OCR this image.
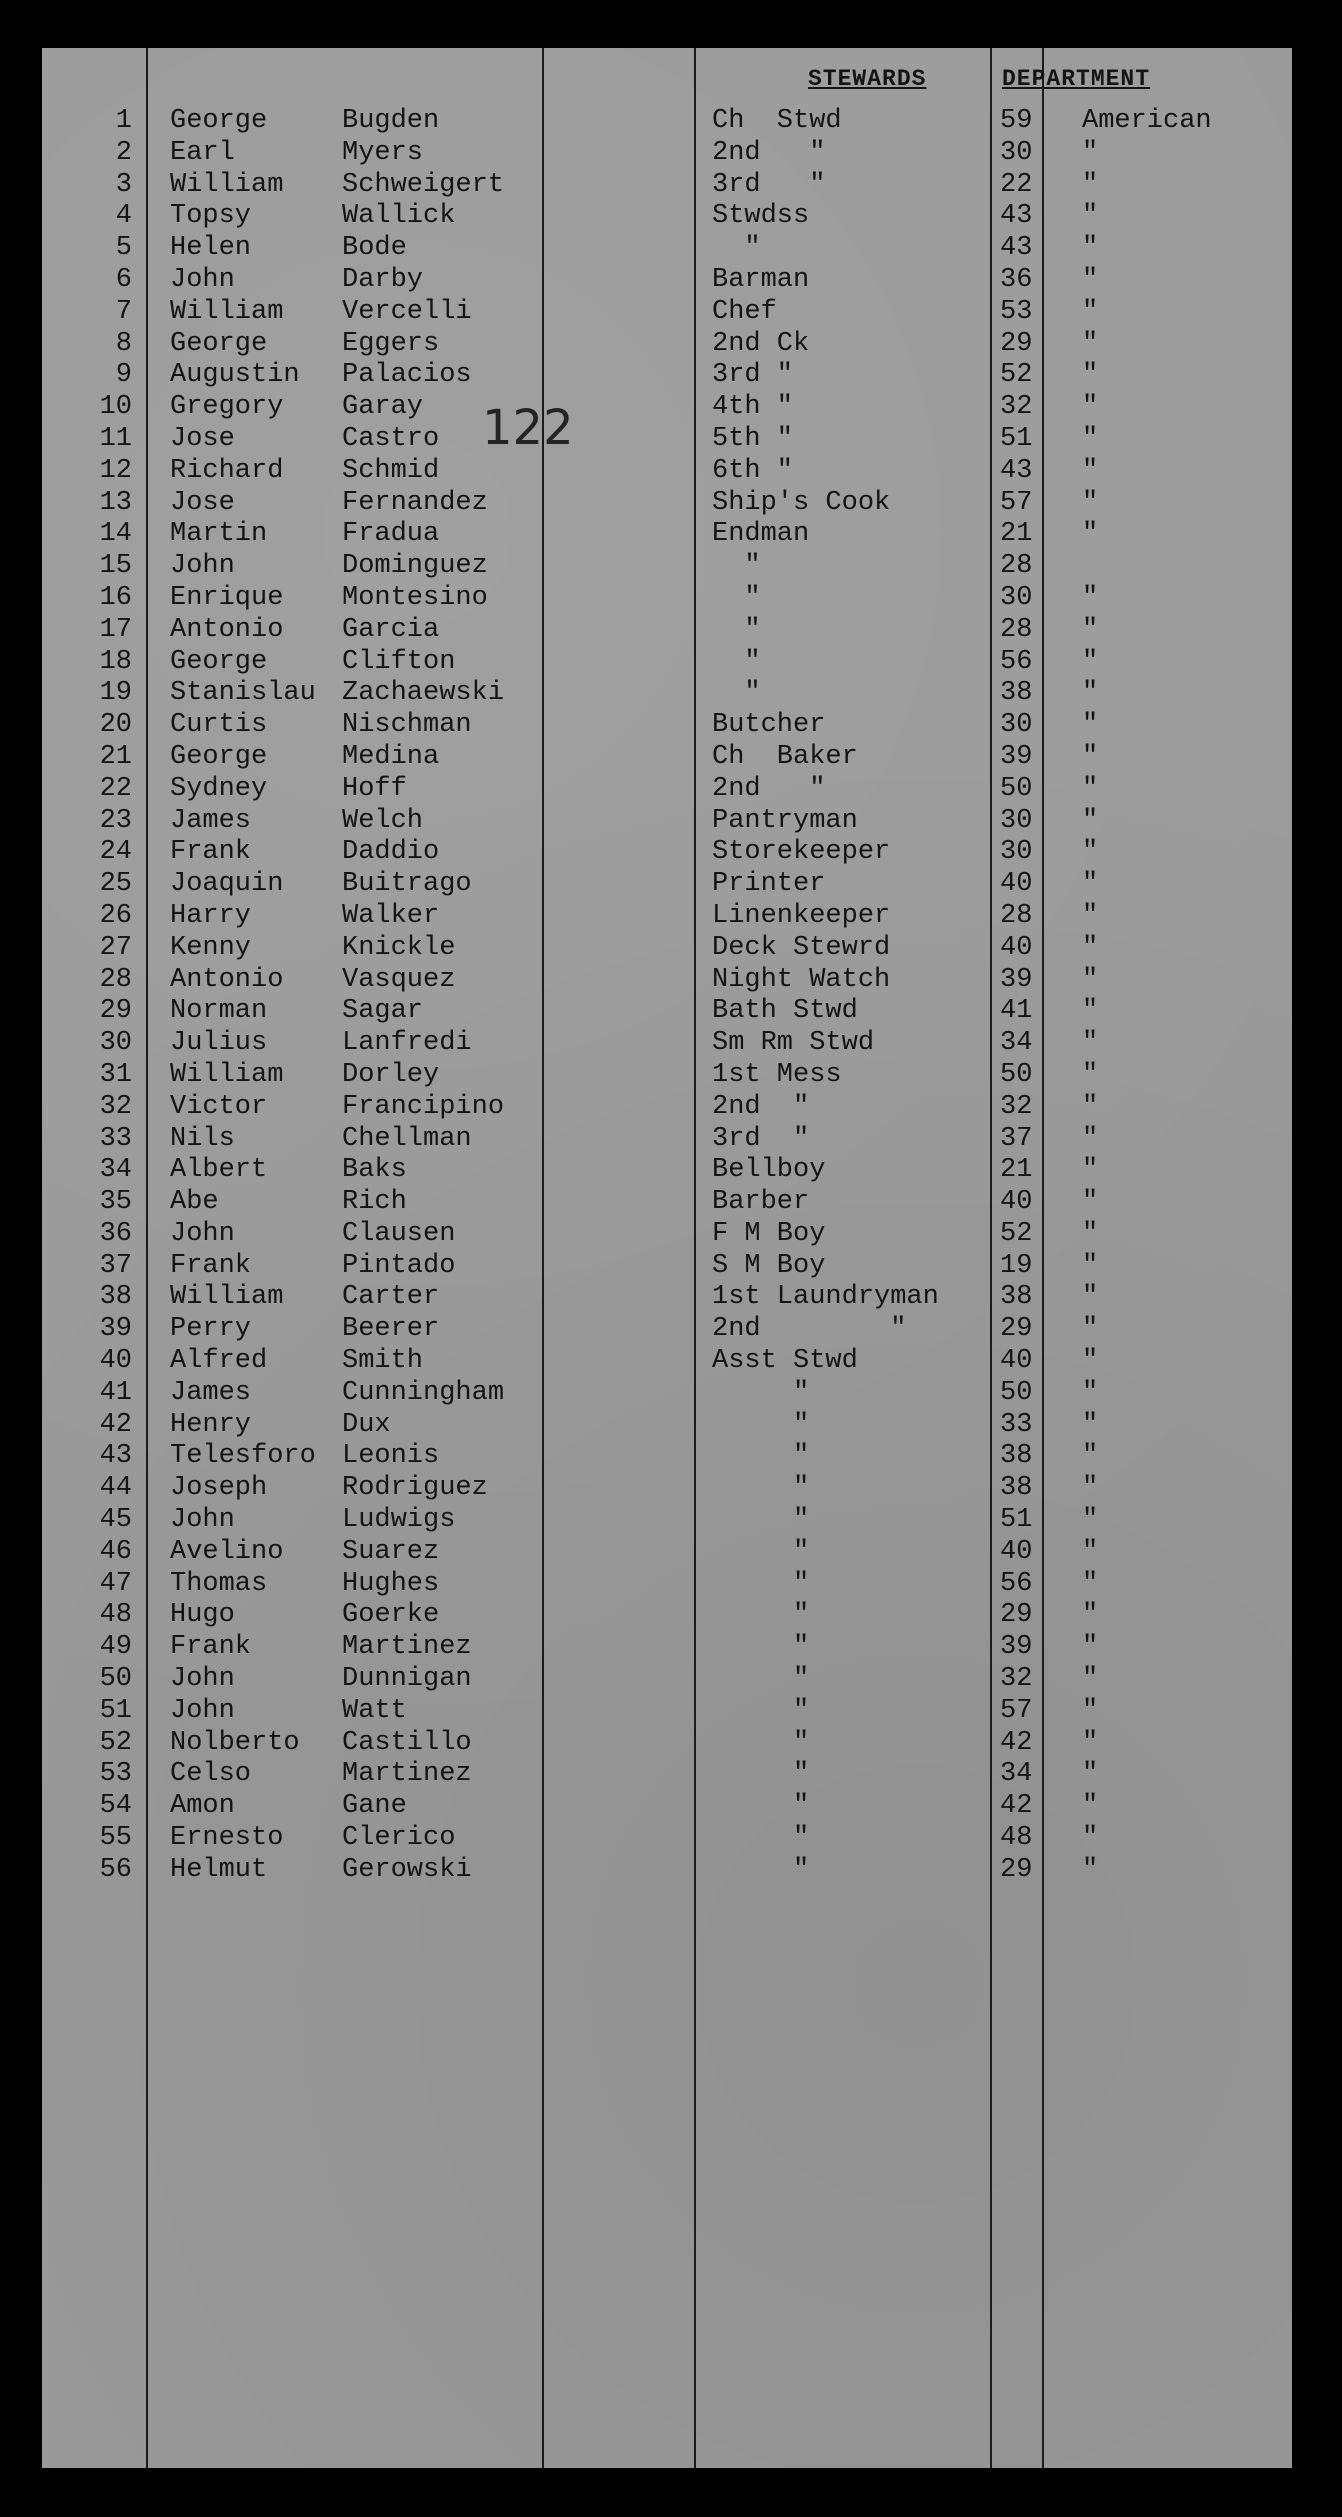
STEWARDS	DEPARTMENT
122
1 George	Bugden	Ch  Stwd	59 American
2 Earl	Myers	2nd   "	30 "
3 William Schweigert	3rd   "	22 "
4 Topsy	Wallick	Stwdss	43 "
5 Helen	Bode	"	43 "
6 John	Darby	Barman	36 "
7 William Vercelli	Chef	53 "
8 George	Eggers	2nd Ck	29 "
9 Augustin Palacios	3rd "	52 "
10 Gregory Garay	4th "	32 "
11 Jose	Castro	5th "	51 "
12 Richard Schmid	6th "	43 "
13 Jose	Fernandez	Ship's Cook	57 "
14 Martin	Fradua	Endman	21 "
15 John	Dominguez	"	28
16 Enrique Montesino	"	30 "
17 Antonio Garcia	"	28 "
18 George	Clifton	"	56 "
19 Stanislau Zachaewski	"	38 "
20 Curtis	Nischman	Butcher	30 "
21 George	Medina	Ch  Baker	39 "
22 Sydney	Hoff	2nd   "	50 "
23 James	Welch	Pantryman	30 "
24 Frank	Daddio	Storekeeper	30 "
25 Joaquin Buitrago	Printer	40 "
26 Harry	Walker	Linenkeeper	28 "
27 Kenny	Knickle	Deck Stewrd	40 "
28 Antonio Vasquez	Night Watch	39 "
29 Norman	Sagar	Bath Stwd	41 "
30 Julius	Lanfredi	Sm Rm Stwd	34 "
31 William Dorley	1st Mess	50 "
32 Victor	Francipino	2nd  "	32 "
33 Nils	Chellman	3rd  "	37 "
34 Albert	Baks	Bellboy	21 "
35 Abe	Rich	Barber	40 "
36 John	Clausen	F M Boy	52 "
37 Frank	Pintado	S M Boy	19 "
38 William Carter	1st Laundryman 38 "
39 Perry	Beerer	2nd        "	29 "
40 Alfred	Smith	Asst Stwd	40 "
41 James	Cunningham	"	50 "
42 Henry	Dux	"	33 "
43 Telesforo Leonis	"	38 "
44 Joseph	Rodriguez	"	38 "
45 John	Ludwigs	"	51 "
46 Avelino Suarez	"	40 "
47 Thomas	Hughes	"	56 "
48 Hugo	Goerke	"	29 "
49 Frank	Martinez	"	39 "
50 John	Dunnigan	"	32 "
51 John	Watt	"	57 "
52 Nolberto Castillo	"	42 "
53 Celso	Martinez	"	34 "
54 Amon	Gane	"	42 "
55 Ernesto Clerico	"	48 "
56 Helmut	Gerowski	"	29 "
